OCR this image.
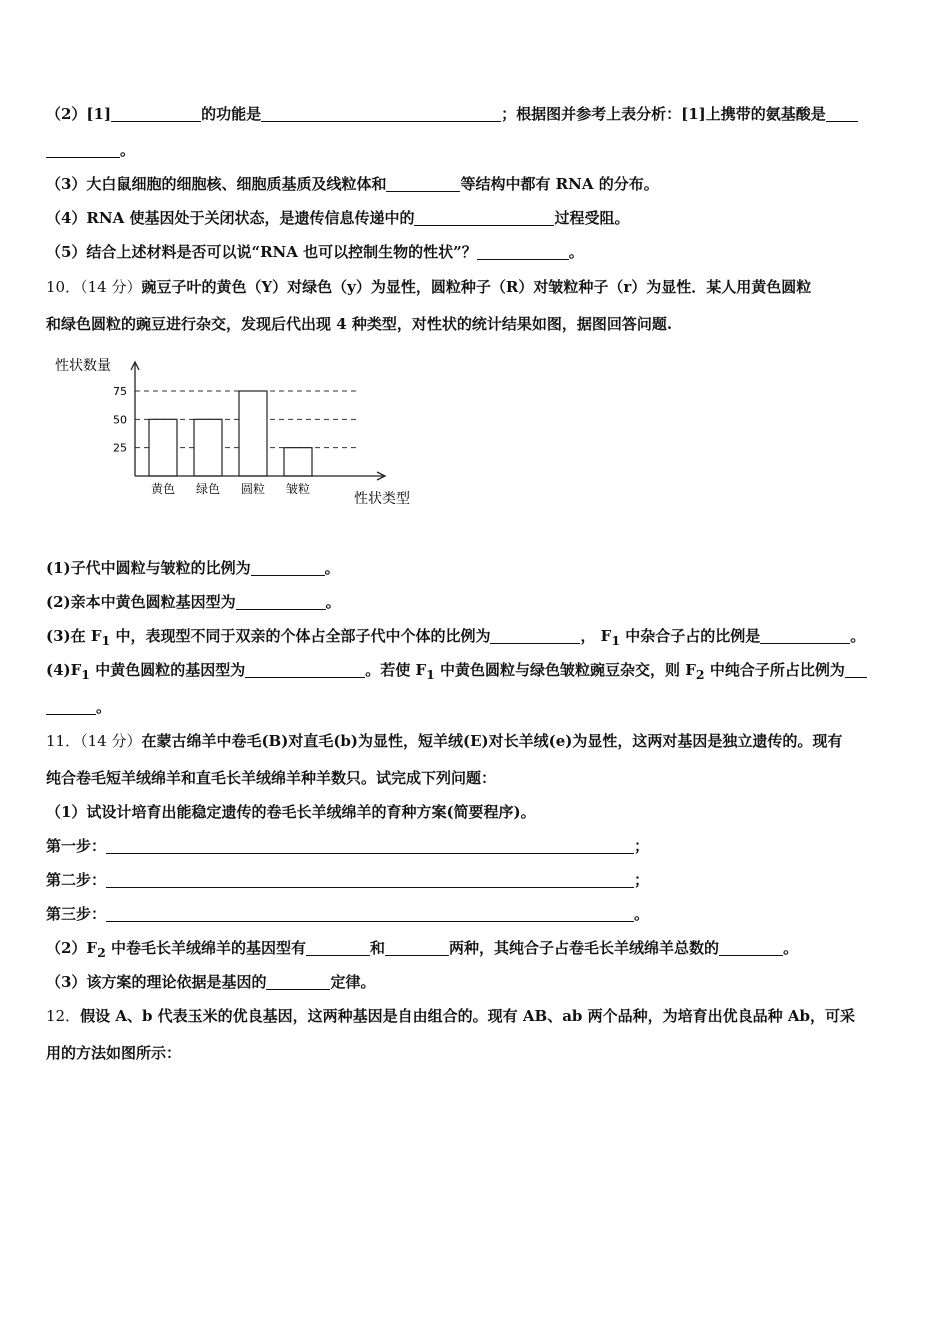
（2）[1]	的功能是	；根据图并参考上表分析：[1]上携带的氨基酸是
。
（3）大白鼠细胞的细胞核、细胞质基质及线粒体和	等结构中都有 RNA 的分布。
（4）RNA 使基因处于关闭状态，是遗传信息传递中的	过程受阻。
（5）结合上述材料是否可以说“RNA 也可以控制生物的性状”？	。
10．（14 分）豌豆子叶的黄色（Y）对绿色（y）为显性，圆粒种子（R）对皱粒种子（r）为显性．某人用黄色圆粒
和绿色圆粒的豌豆进行杂交，发现后代出现 4 种类型，对性状的统计结果如图，据图回答问题.
25
50
75
黄色 绿色 圆粒 皱粒
性状数量
性状类型
(1)子代中圆粒与皱粒的比例为	。
(2)亲本中黄色圆粒基因型为	。
(3)在 $F_1$ 中，表现型不同于双亲的个体占全部子代中个体的比例为	， $F_1$ 中杂合子占的比例是	。
$(4)F_1$ 中黄色圆粒的基因型为	。若使 $F_1$ 中黄色圆粒与绿色皱粒豌豆杂交，则 $F_2$ 中纯合子所占比例为
。
11．（14 分）在蒙古绵羊中卷毛(B)对直毛(b)为显性，短羊绒(E)对长羊绒(e)为显性，这两对基因是独立遗传的。现有
纯合卷毛短羊绒绵羊和直毛长羊绒绵羊种羊数只。试完成下列问题：
（1）试设计培育出能稳定遗传的卷毛长羊绒绵羊的育种方案(简要程序)。
第一步：	；
第二步：	；
第三步：	。
$(2)F_2$ 中卷毛长羊绒绵羊的基因型有	和	两种，其纯合子占卷毛长羊绒绵羊总数的	。
（3）该方案的理论依据是基因的	定律。
12．假设 A、b 代表玉米的优良基因，这两种基因是自由组合的。现有 AB、ab 两个品种，为培育出优良品种 Ab，可采
用的方法如图所示：
